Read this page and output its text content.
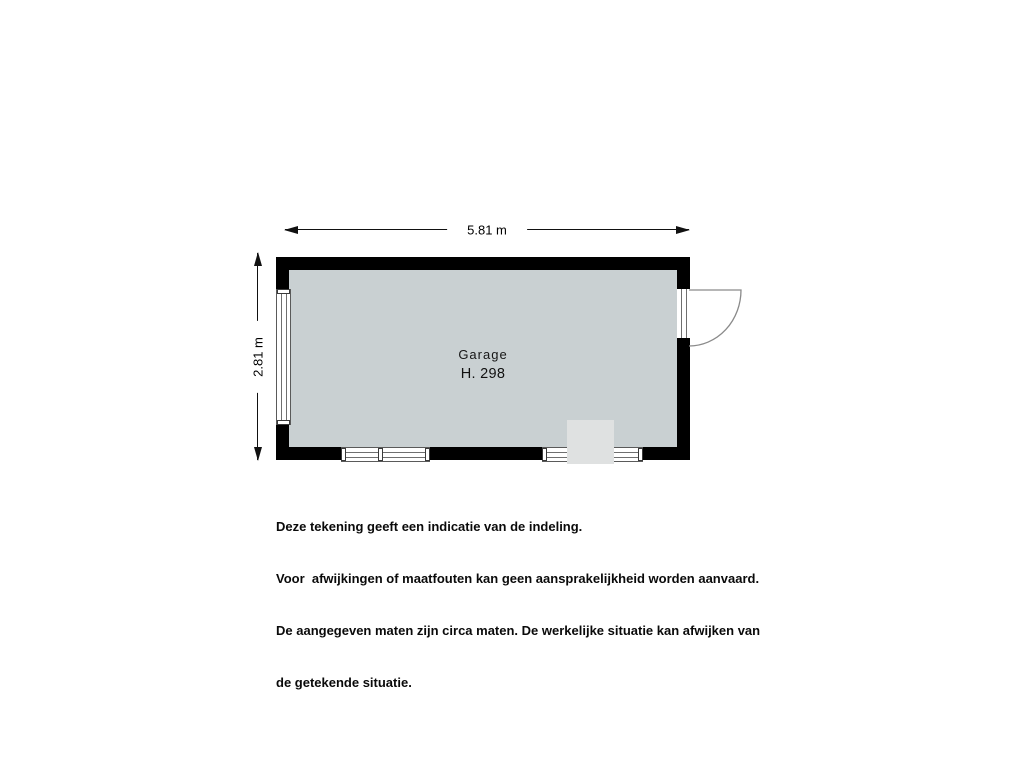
5.81 m
2.81 m	Garage
H. 298

Deze tekening geeft een indicatie van de indeling.

Voor  afwijkingen of maatfouten kan geen aansprakelijkheid worden aanvaard.

De aangegeven maten zijn circa maten. De werkelijke situatie kan afwijken van

de getekende situatie.
